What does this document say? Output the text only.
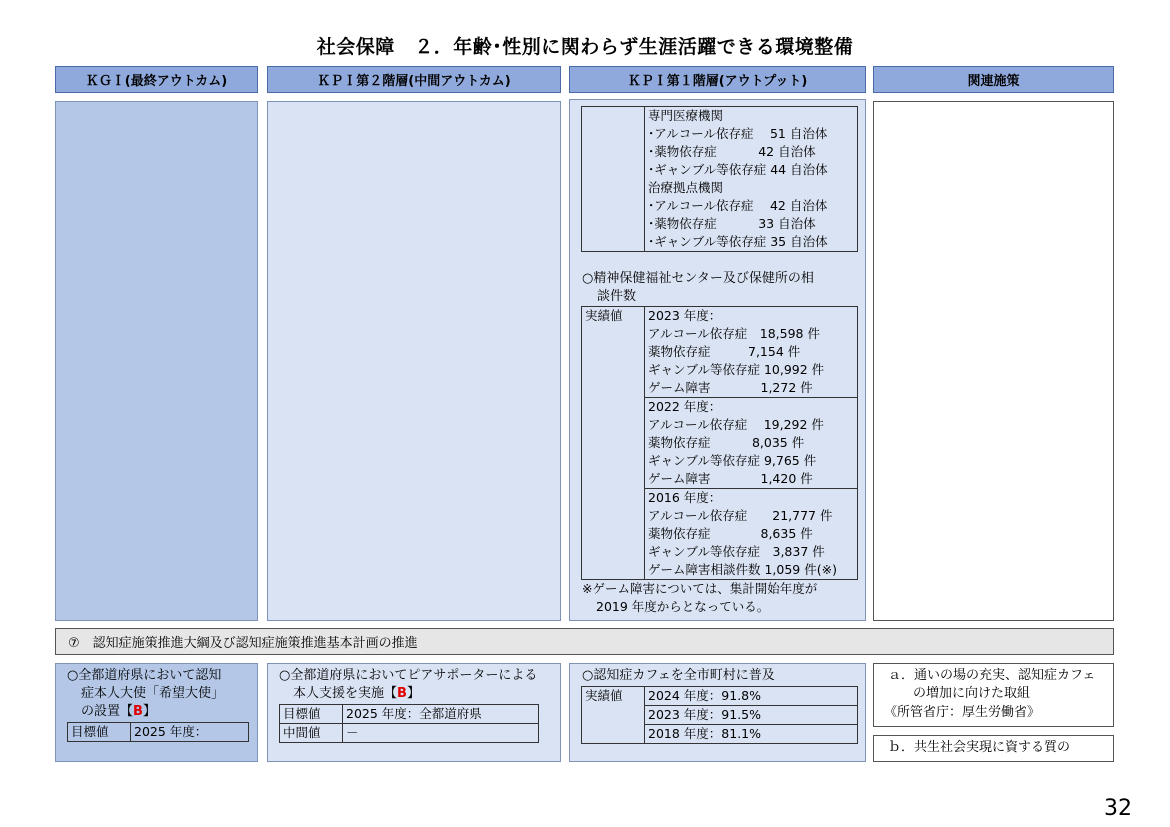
社会保障　２．年齢･性別に関わらず生涯活躍できる環境整備
ＫＧＩ(最終アウトカム)	ＫＰＩ第２階層(中間アウトカム)	ＫＰＩ第１階層(アウトプット)	関連施策

専門医療機関
･アルコール依存症　 51 自治体
･薬物依存症　　　 42 自治体
･ギャンブル等依存症 44 自治体
治療拠点機関
･アルコール依存症　 42 自治体
･薬物依存症　　　 33 自治体
･ギャンブル等依存症 35 自治体
○精神保健福祉センター及び保健所の相
談件数
実績値	2023 年度：
アルコール依存症　18,598 件
薬物依存症　　　7,154 件
ギャンブル等依存症 10,992 件
ゲーム障害　　　　1,272 件

2022 年度：
アルコール依存症　 19,292 件
薬物依存症　　　 8,035 件
ギャンブル等依存症 9,765 件
ゲーム障害　　　　1,420 件

2016 年度：
アルコール依存症　　21,777 件
薬物依存症　　　　8,635 件
ギャンブル等依存症　3,837 件
ゲーム障害相談件数 1,059 件(※)
※ゲーム障害については、集計開始年度が
2019 年度からとなっている。
⑦　認知症施策推進大綱及び認知症施策推進基本計画の推進
○全都道府県において認知
症本人大使「希望大使」
の設置【B】
目標値	2025 年度：
○全都道府県においてピアサポーターによる
本人支援を実施【B】
目標値	2025 年度：全都道府県
中間値	－
○認知症カフェを全市町村に普及
実績値	2024 年度：91.8%
2023 年度：91.5%
2018 年度：81.1%
ａ．通いの場の充実、認知症カフェ
の増加に向けた取組
《所管省庁：厚生労働省》
ｂ．共生社会実現に資する質の
32
